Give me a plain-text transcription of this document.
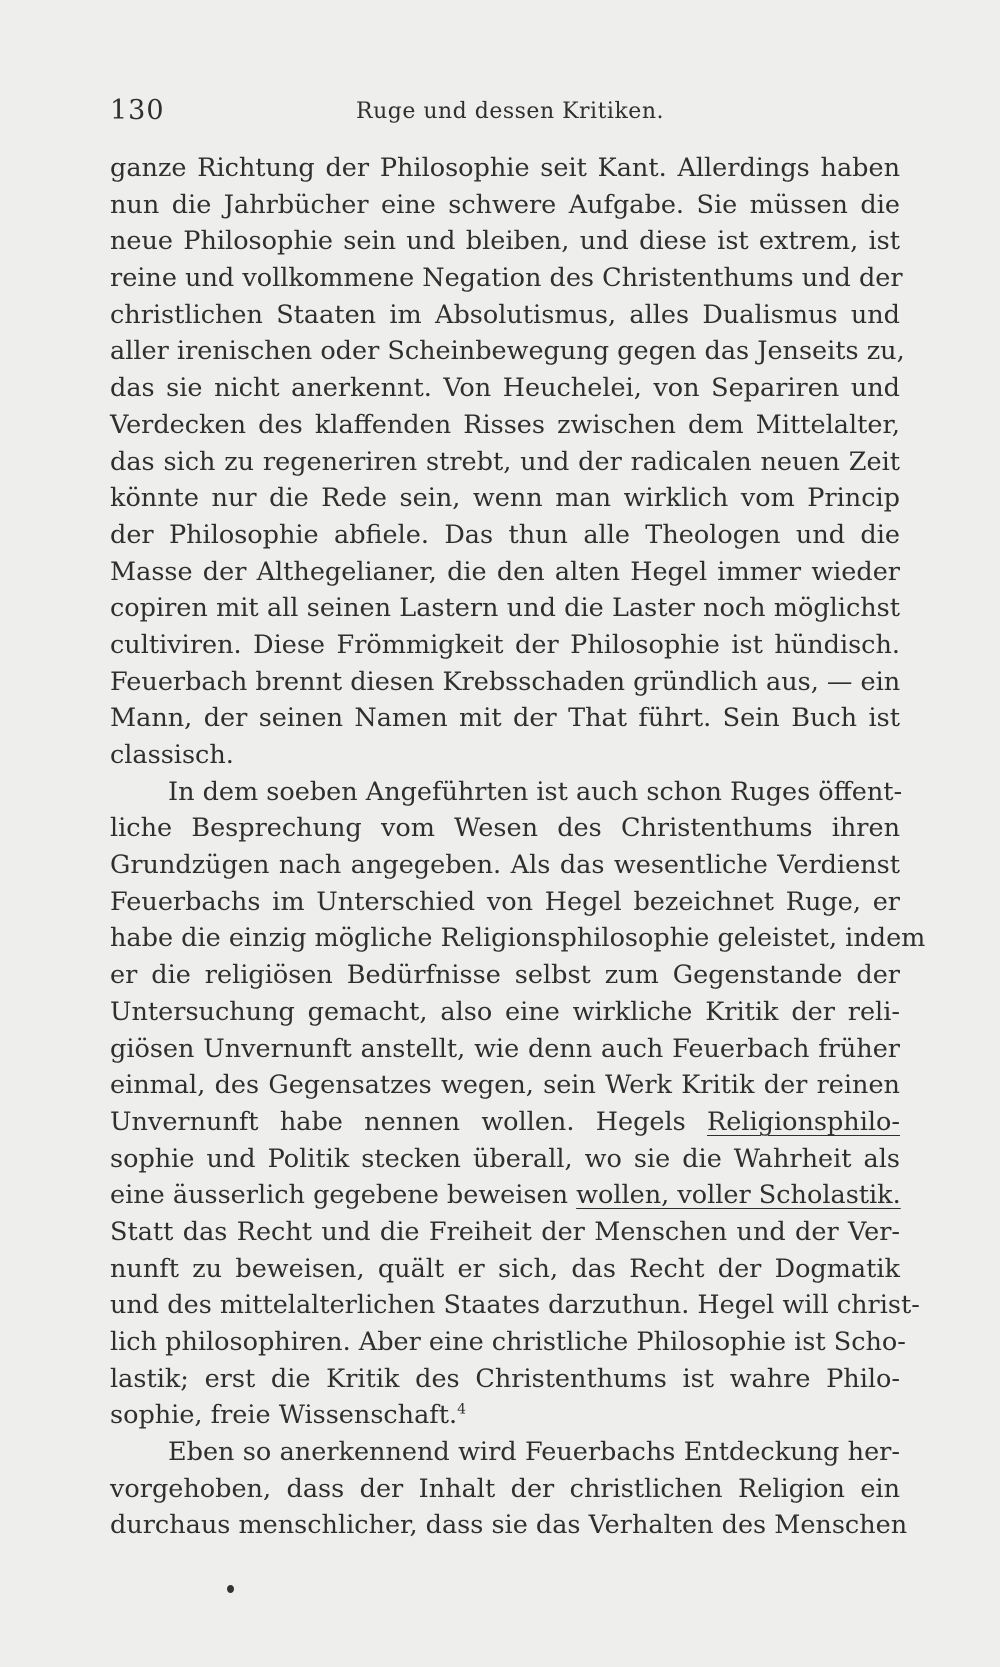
130	Ruge und dessen Kritiken.
ganze Richtung der Philosophie seit Kant. Allerdings haben
nun die Jahrbücher eine schwere Aufgabe. Sie müssen die
neue Philosophie sein und bleiben, und diese ist extrem, ist
reine und vollkommene Negation des Christenthums und der
christlichen Staaten im Absolutismus, alles Dualismus und
aller irenischen oder Scheinbewegung gegen das Jenseits zu,
das sie nicht anerkennt. Von Heuchelei, von Separiren und
Verdecken des klaffenden Risses zwischen dem Mittelalter,
das sich zu regeneriren strebt, und der radicalen neuen Zeit
könnte nur die Rede sein, wenn man wirklich vom Princip
der Philosophie abfiele. Das thun alle Theologen und die
Masse der Althegelianer, die den alten Hegel immer wieder
copiren mit all seinen Lastern und die Laster noch möglichst
cultiviren. Diese Frömmigkeit der Philosophie ist hündisch.
Feuerbach brennt diesen Krebsschaden gründlich aus, — ein
Mann, der seinen Namen mit der That führt. Sein Buch ist
classisch.
In dem soeben Angeführten ist auch schon Ruges öffent-
liche Besprechung vom Wesen des Christenthums ihren
Grundzügen nach angegeben. Als das wesentliche Verdienst
Feuerbachs im Unterschied von Hegel bezeichnet Ruge, er
habe die einzig mögliche Religionsphilosophie geleistet, indem
er die religiösen Bedürfnisse selbst zum Gegenstande der
Untersuchung gemacht, also eine wirkliche Kritik der reli-
giösen Unvernunft anstellt, wie denn auch Feuerbach früher
einmal, des Gegensatzes wegen, sein Werk Kritik der reinen
Unvernunft habe nennen wollen. Hegels Religionsphilo-
sophie und Politik stecken überall, wo sie die Wahrheit als
eine äusserlich gegebene beweisen wollen, voller Scholastik.
Statt das Recht und die Freiheit der Menschen und der Ver-
nunft zu beweisen, quält er sich, das Recht der Dogmatik
und des mittelalterlichen Staates darzuthun. Hegel will christ-
lich philosophiren. Aber eine christliche Philosophie ist Scho-
lastik; erst die Kritik des Christenthums ist wahre Philo-
sophie, freie Wissenschaft.$^4$
Eben so anerkennend wird Feuerbachs Entdeckung her-
vorgehoben, dass der Inhalt der christlichen Religion ein
durchaus menschlicher, dass sie das Verhalten des Menschen
